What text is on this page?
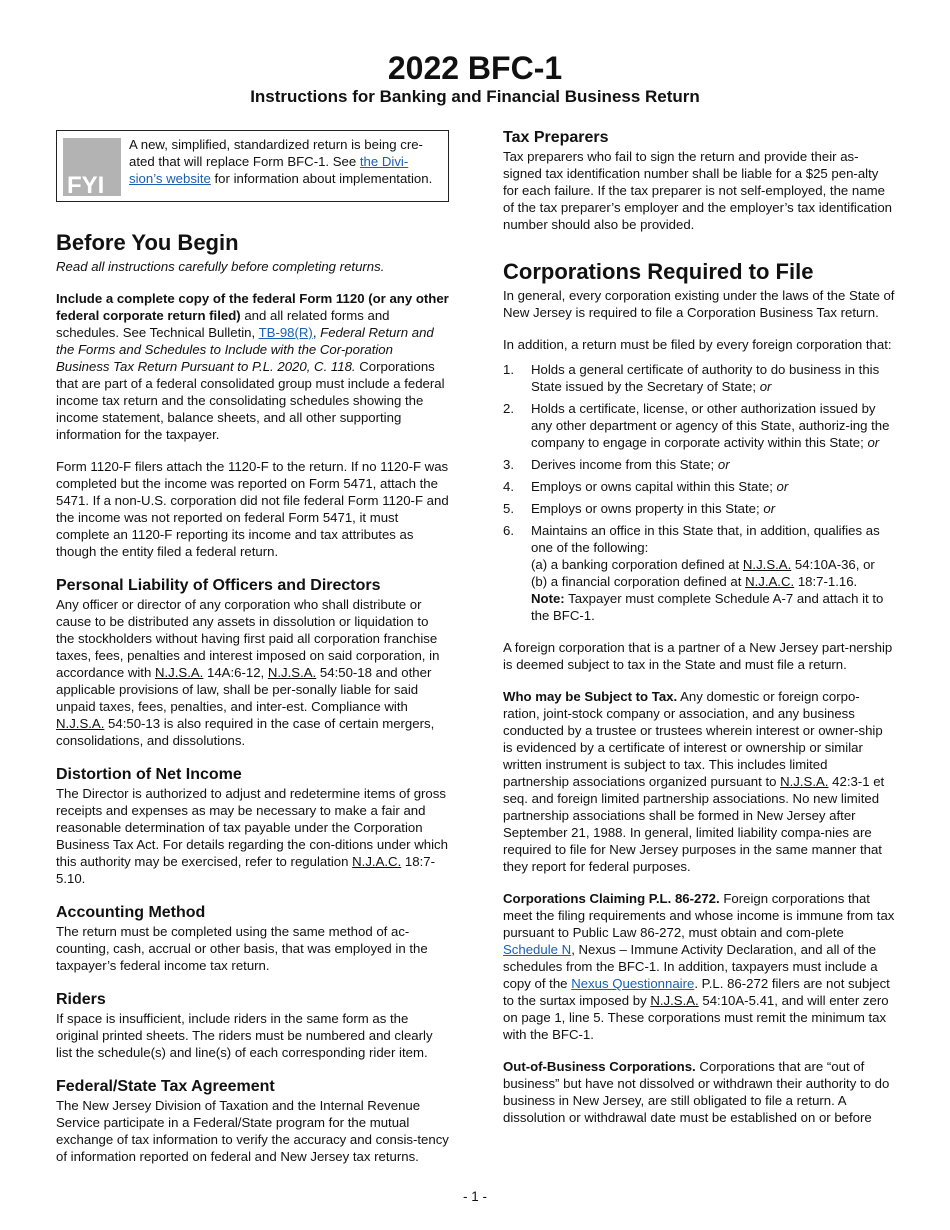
2022 BFC-1
Instructions for Banking and Financial Business Return
FYI
A new, simplified, standardized return is being cre-ated that will replace Form BFC-1. See the Divi-sion’s website for information about implementation.
Before You Begin

Read all instructions carefully before completing returns.

Include a complete copy of the federal Form 1120 (or any other federal corporate return filed) and all related forms and schedules. See Technical Bulletin, TB-98(R), Federal Return and the Forms and Schedules to Include with the Cor-poration Business Tax Return Pursuant to P.L. 2020, C. 118. Corporations that are part of a federal consolidated group must include a federal income tax return and the consolidating schedules showing the income statement, balance sheets, and all other supporting information for the taxpayer.

Form 1120-F filers attach the 1120-F to the return. If no 1120-F was completed but the income was reported on Form 5471, attach the 5471. If a non-U.S. corporation did not file federal Form 1120-F and the income was not reported on federal Form 5471, it must complete an 1120-F reporting its income and tax attributes as though the entity filed a federal return.

Personal Liability of Officers and Directors
Any officer or director of any corporation who shall distribute or cause to be distributed any assets in dissolution or liquidation to the stockholders without having first paid all corporation franchise taxes, fees, penalties and interest imposed on said corporation, in accordance with N.J.S.A. 14A:6-12, N.J.S.A. 54:50-18 and other applicable provisions of law, shall be per-sonally liable for said unpaid taxes, fees, penalties, and inter-est. Compliance with N.J.S.A. 54:50-13 is also required in the case of certain mergers, consolidations, and dissolutions.
Distortion of Net Income
The Director is authorized to adjust and redetermine items of gross receipts and expenses as may be necessary to make a fair and reasonable determination of tax payable under the Corporation Business Tax Act. For details regarding the con-ditions under which this authority may be exercised, refer to regulation N.J.A.C. 18:7-5.10.
Accounting Method
The return must be completed using the same method of ac-counting, cash, accrual or other basis, that was employed in the taxpayer’s federal income tax return.
Riders
If space is insufficient, include riders in the same form as the original printed sheets. The riders must be numbered and clearly list the schedule(s) and line(s) of each corresponding rider item.
Federal/State Tax Agreement
The New Jersey Division of Taxation and the Internal Revenue Service participate in a Federal/State program for the mutual exchange of tax information to verify the accuracy and consis-tency of information reported on federal and New Jersey tax returns.
Tax Preparers
Tax preparers who fail to sign the return and provide their as-signed tax identification number shall be liable for a $25 pen-alty for each failure. If the tax preparer is not self-employed, the name of the tax preparer’s employer and the employer’s tax identification number should also be provided.
Corporations Required to File

In general, every corporation existing under the laws of the State of New Jersey is required to file a Corporation Business Tax return.

In addition, a return must be filed by every foreign corporation that:

1.	Holds a general certificate of authority to do business in this State issued by the Secretary of State; or
2.	Holds a certificate, license, or other authorization issued by any other department or agency of this State, authoriz-ing the company to engage in corporate activity within this State; or
3.	Derives income from this State; or
4.	Employs or owns capital within this State; or
5.	Employs or owns property in this State; or
6.	Maintains an office in this State that, in addition, qualifies as one of the following:
(a) a banking corporation defined at N.J.S.A. 54:10A-36, or
(b) a financial corporation defined at N.J.A.C. 18:7-1.16.
Note: Taxpayer must complete Schedule A-7 and attach it to the BFC-1.

A foreign corporation that is a partner of a New Jersey part-nership is deemed subject to tax in the State and must file a return.

Who may be Subject to Tax. Any domestic or foreign corpo-ration, joint-stock company or association, and any business conducted by a trustee or trustees wherein interest or owner-ship is evidenced by a certificate of interest or ownership or similar written instrument is subject to tax. This includes limited partnership associations organized pursuant to N.J.S.A. 42:3-1 et seq. and foreign limited partnership associations. No new limited partnership associations shall be formed in New Jersey after September 21, 1988. In general, limited liability compa-nies are required to file for New Jersey purposes in the same manner that they report for federal purposes.

Corporations Claiming P.L. 86-272. Foreign corporations that meet the filing requirements and whose income is immune from tax pursuant to Public Law 86-272, must obtain and com-plete Schedule N, Nexus – Immune Activity Declaration, and all of the schedules from the BFC-1. In addition, taxpayers must include a copy of the Nexus Questionnaire. P.L. 86-272 filers are not subject to the surtax imposed by N.J.S.A. 54:10A-5.41, and will enter zero on page 1, line 5. These corporations must remit the minimum tax with the BFC-1.

Out-of-Business Corporations. Corporations that are “out of business” but have not dissolved or withdrawn their authority to do business in New Jersey, are still obligated to file a return. A dissolution or withdrawal date must be established on or before

- 1 -
